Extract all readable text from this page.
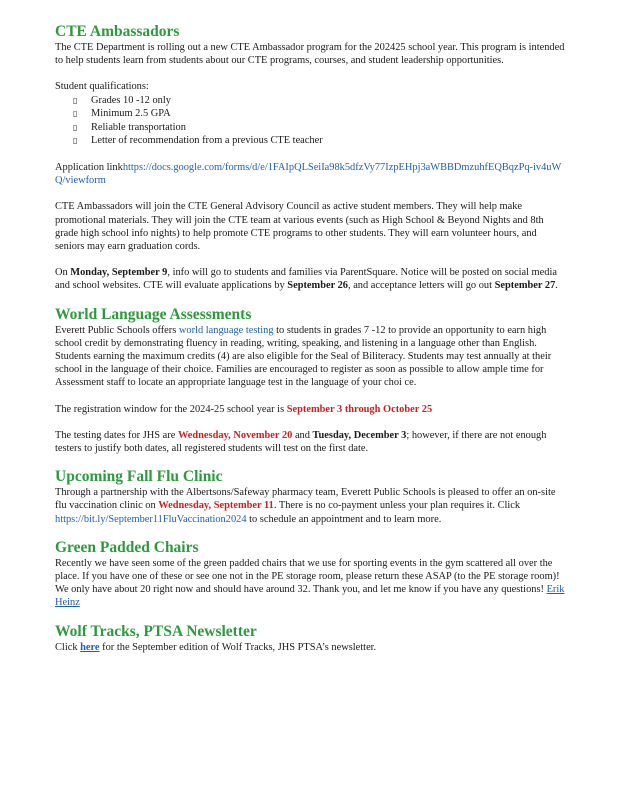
CTE Ambassadors

The CTE Department is rolling out a new CTE Ambassador program for the 202425 school year. This program is intended to help students learn from students about our CTE programs, courses, and student leadership opportunities.

Student qualifications:

▯	Grades 10 -12 only
▯	Minimum 2.5 GPA
▯	Reliable transportation
▯	Letter of recommendation from a previous CTE teacher

Application linkhttps://docs.google.com/forms/d/e/1FAIpQLSeiIa98k5dfzVy77IzpEHpj3aWBBDmzuhfEQBqzPq-iv4uWQ/viewform

CTE Ambassadors will join the CTE General Advisory Council as active student members. They will help make promotional materials. They will join the CTE team at various events (such as High School & Beyond Nights and 8th grade high school info nights) to help promote CTE programs to other students. They will earn volunteer hours, and seniors may earn graduation cords.

On Monday, September 9, info will go to students and families via ParentSquare. Notice will be posted on social media and school websites. CTE will evaluate applications by September 26, and acceptance letters will go out September 27.

World Language Assessments

Everett Public Schools offers world language testing to students in grades 7 -12 to provide an opportunity to earn high school credit by demonstrating fluency in reading, writing, speaking, and listening in a language other than English. Students earning the maximum credits (4) are also eligible for the Seal of Biliteracy. Students may test annually at their school in the language of their choice. Families are encouraged to register as soon as possible to allow ample time for Assessment staff to locate an appropriate language test in the language of your choi ce.

The registration window for the 2024-25 school year is September 3 through October 25

The testing dates for JHS are Wednesday, November 20 and Tuesday, December 3; however, if there are not enough testers to justify both dates, all registered students will test on the first date.

Upcoming Fall Flu Clinic

Through a partnership with the Albertsons/Safeway pharmacy team, Everett Public Schools is pleased to offer an on-site flu vaccination clinic on Wednesday, September 11. There is no co-payment unless your plan requires it. Click https://bit.ly/September11FluVaccination2024 to schedule an appointment and to learn more.

Green Padded Chairs

Recently we have seen some of the green padded chairs that we use for sporting events in the gym scattered all over the place. If you have one of these or see one not in the PE storage room, please return these ASAP (to the PE storage room)! We only have about 20 right now and should have around 32. Thank you, and let me know if you have any questions! Erik Heinz

Wolf Tracks, PTSA Newsletter

Click here for the September edition of Wolf Tracks, JHS PTSA’s newsletter.
